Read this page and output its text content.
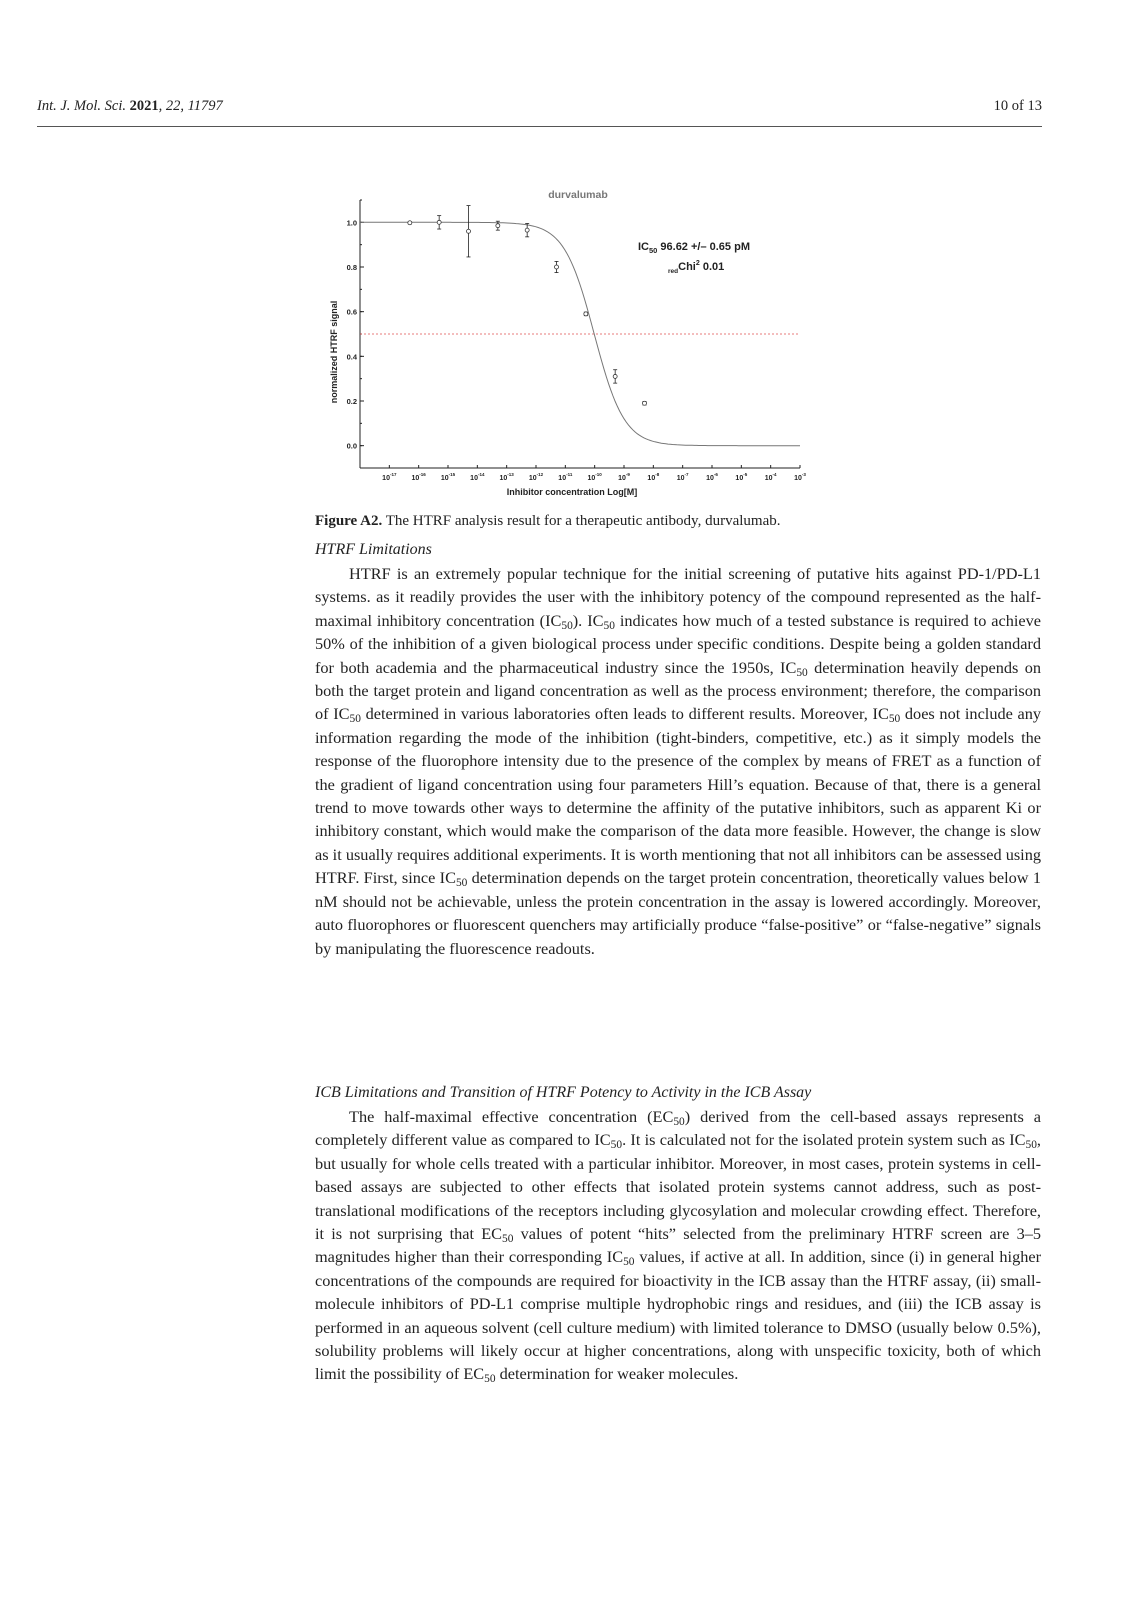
Int. J. Mol. Sci. 2021, 22, 11797	10 of 13
durvalumab
0.0
0.2
0.4
0.6
0.8
1.0
$10^{-17}$
$10^{-16}$
$10^{-15}$
$10^{-14}$
$10^{-13}$
$10^{-12}$
$10^{-11}$
$10^{-10}$
$10^{-9}$
$10^{-8}$
$10^{-7}$
$10^{-6}$
$10^{-5}$
$10^{-4}$
$10^{-3}$
$IC_{50}$ 96.62 +/– 0.65 pM
$_{red}$Chi$^2$ 0.01
Inhibitor concentration Log[M]
normalized HTRF signal
Figure A2. The HTRF analysis result for a therapeutic antibody, durvalumab.

HTRF Limitations

HTRF is an extremely popular technique for the initial screening of putative hits against PD-1/PD-L1 systems. as it readily provides the user with the inhibitory potency of the compound represented as the half-maximal inhibitory concentration $(IC_{50})$. $IC_{50}$ indicates how much of a tested substance is required to achieve 50% of the inhibition of a given biological process under specific conditions. Despite being a golden standard for both academia and the pharmaceutical industry since the 1950s, $IC_{50}$ determination heavily depends on both the target protein and ligand concentration as well as the process environment; therefore, the comparison of $IC_{50}$ determined in various laboratories often leads to different results. Moreover, $IC_{50}$ does not include any information regarding the mode of the inhibition (tight-binders, competitive, etc.) as it simply models the response of the fluorophore intensity due to the presence of the complex by means of FRET as a function of the gradient of ligand concentration using four parameters Hill’s equation. Because of that, there is a general trend to move towards other ways to determine the affinity of the putative inhibitors, such as apparent Ki or inhibitory constant, which would make the comparison of the data more feasible. However, the change is slow as it usually requires additional experiments. It is worth mentioning that not all inhibitors can be assessed using HTRF. First, since $IC_{50}$ determination depends on the target protein concentration, theoretically values below 1 nM should not be achievable, unless the protein concentration in the assay is lowered accordingly. Moreover, auto fluorophores or fluorescent quenchers may artificially produce “false-positive” or “false-negative” signals by manipulating the fluorescence readouts.

ICB Limitations and Transition of HTRF Potency to Activity in the ICB Assay

The half-maximal effective concentration $(EC_{50})$ derived from the cell-based assays represents a completely different value as compared to $IC_{50}$. It is calculated not for the isolated protein system such as $IC_{50}$, but usually for whole cells treated with a particular inhibitor. Moreover, in most cases, protein systems in cell-based assays are subjected to other effects that isolated protein systems cannot address, such as post-translational modifications of the receptors including glycosylation and molecular crowding effect. Therefore, it is not surprising that $EC_{50}$ values of potent “hits” selected from the preliminary HTRF screen are 3–5 magnitudes higher than their corresponding $IC_{50}$ values, if active at all. In addition, since (i) in general higher concentrations of the compounds are required for bioactivity in the ICB assay than the HTRF assay, (ii) small-molecule inhibitors of PD-L1 comprise multiple hydrophobic rings and residues, and (iii) the ICB assay is performed in an aqueous solvent (cell culture medium) with limited tolerance to DMSO (usually below 0.5%), solubility problems will likely occur at higher concentrations, along with unspecific toxicity, both of which limit the possibility of $EC_{50}$ determination for weaker molecules.
